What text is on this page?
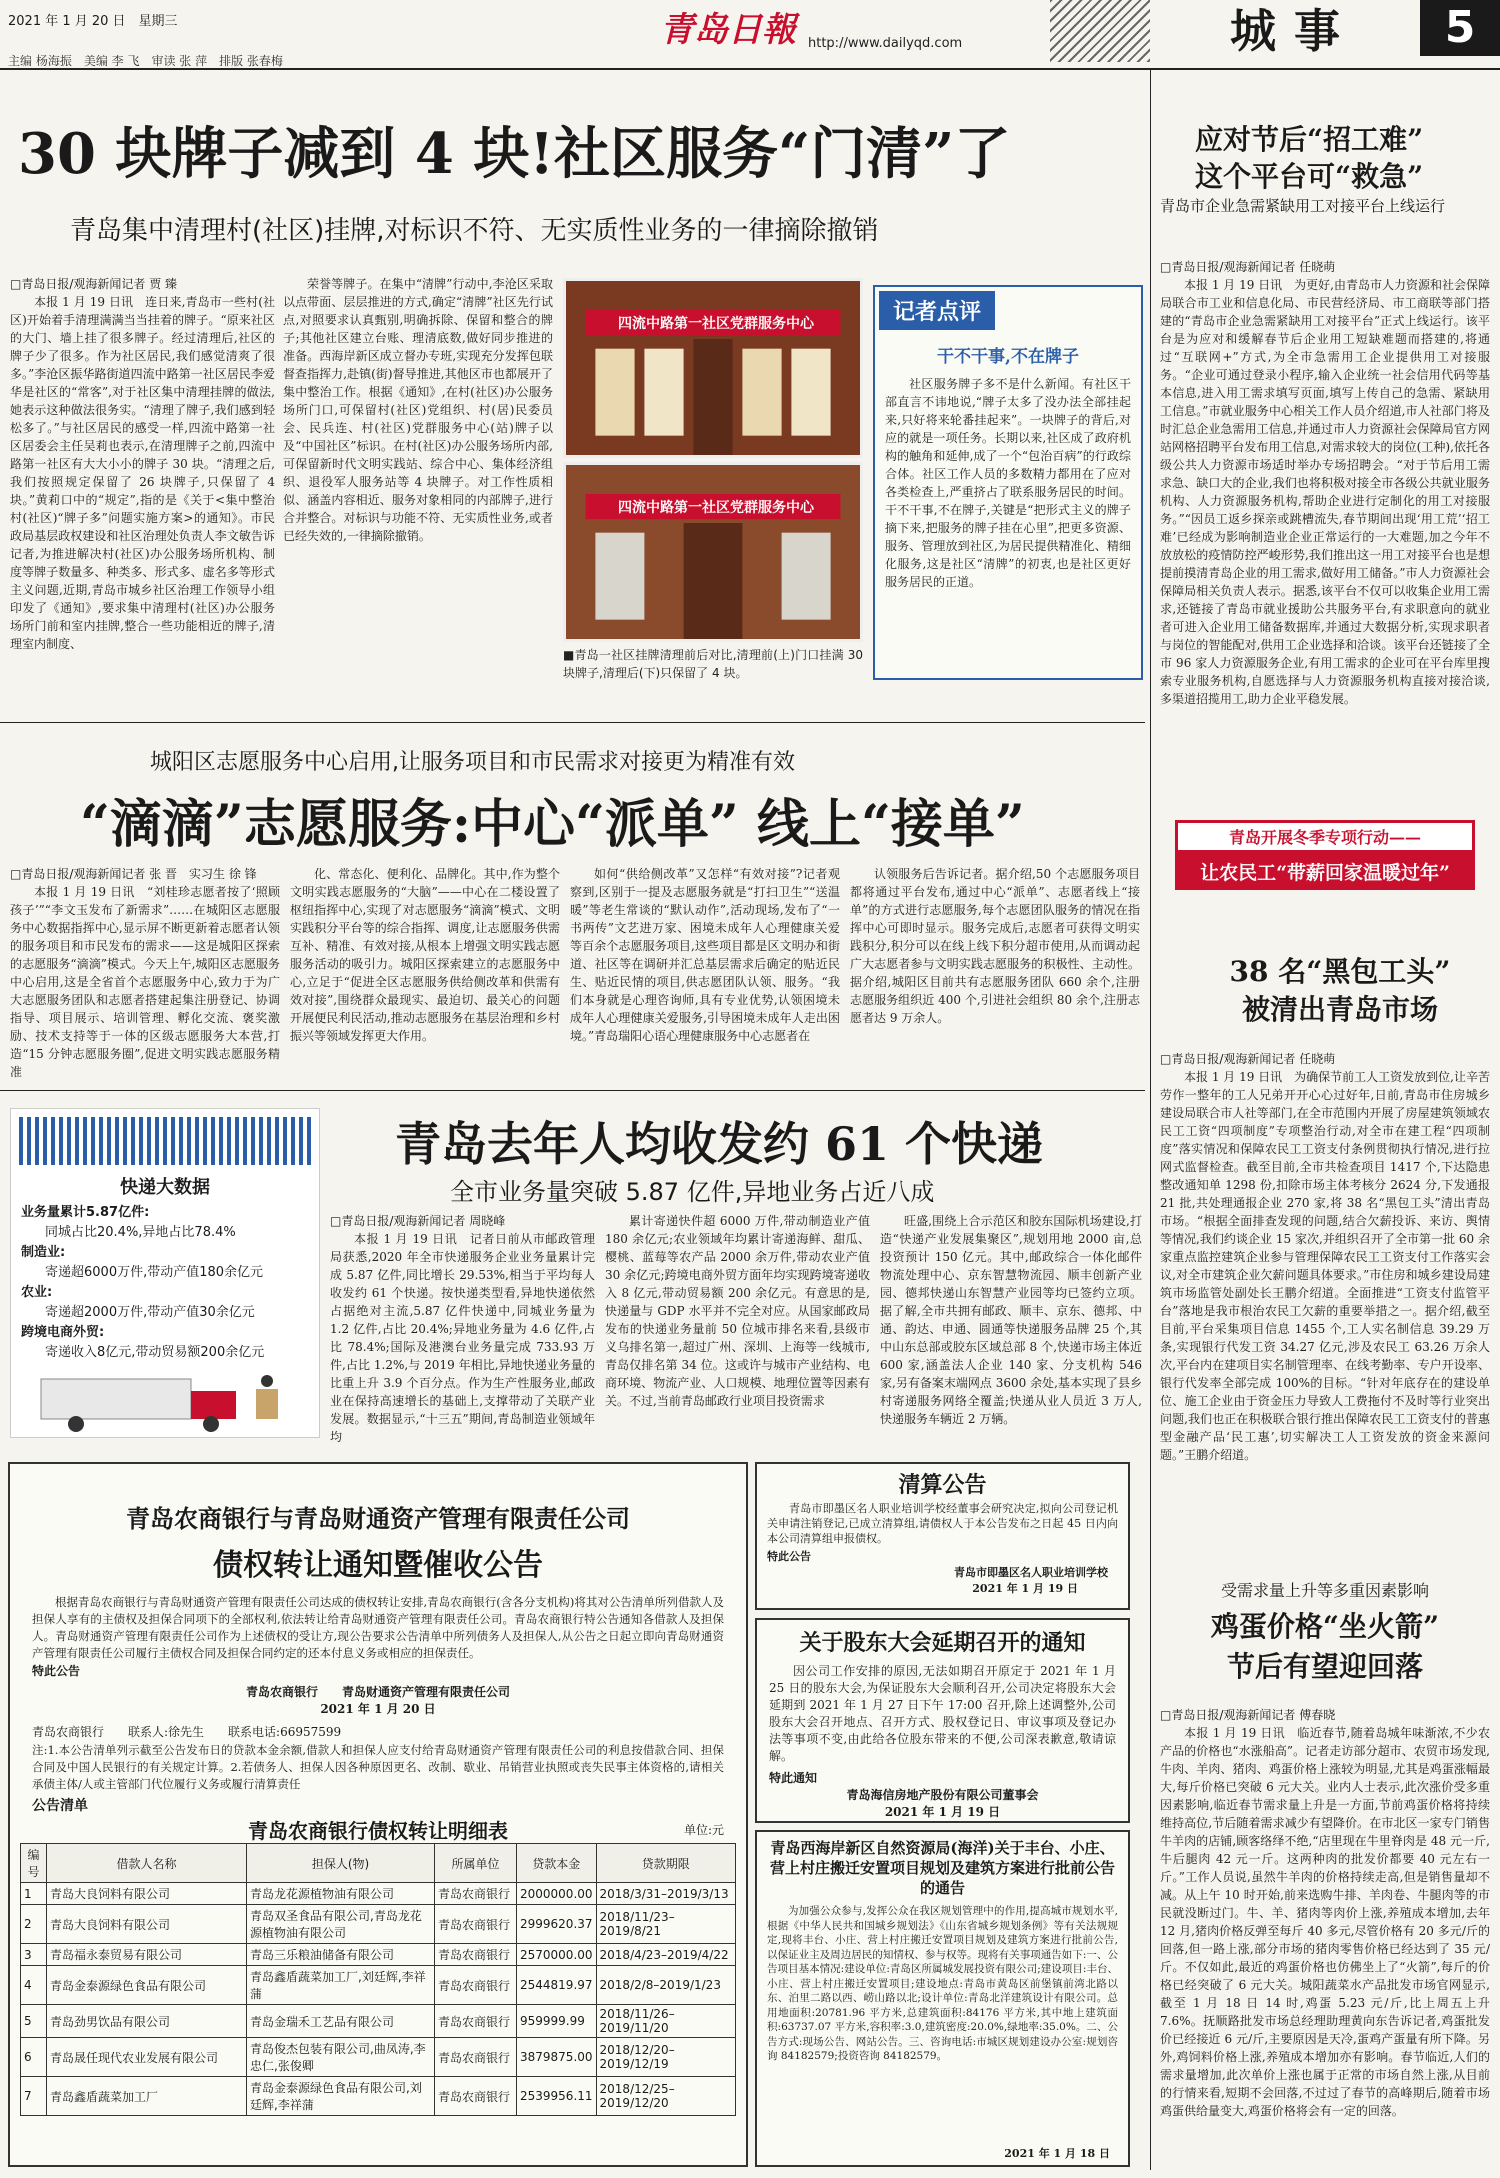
2021 年 1 月 20 日　星期三
主编 杨海振　美编 李 飞　审读 张 萍　排版 张春梅
青岛日報 http://www.dailyqd.com	城事	5
30 块牌子减到 4 块!社区服务“门清”了
青岛集中清理村(社区)挂牌,对标识不符、无实质性业务的一律摘除撤销
□青岛日报/观海新闻记者 贾 臻

本报 1 月 19 日讯　连日来,青岛市一些村(社区)开始着手清理满满当当挂着的牌子。“原来社区的大门、墙上挂了很多牌子。经过清理后,社区的牌子少了很多。作为社区居民,我们感觉清爽了很多。”李沧区振华路街道四流中路第一社区居民李爱华是社区的“常客”,对于社区集中清理挂牌的做法,她表示这种做法很务实。“清理了牌子,我们感到轻松多了。”与社区居民的感受一样,四流中路第一社区居委会主任吴莉也表示,在清理牌子之前,四流中路第一社区有大大小小的牌子 30 块。“清理之后,我们按照规定保留了 26 块牌子,只保留了 4 块。”黄莉口中的“规定”,指的是《关于<集中整治村(社区)“牌子多”问题实施方案>的通知》。市民政局基层政权建设和社区治理处负责人李文敏告诉记者,为推进解决村(社区)办公服务场所机构、制度等牌子数量多、种类多、形式多、虚名多等形式主义问题,近期,青岛市城乡社区治理工作领导小组印发了《通知》,要求集中清理村(社区)办公服务场所门前和室内挂牌,整合一些功能相近的牌子,清理室内制度、

荣誉等牌子。在集中“清牌”行动中,李沧区采取以点带面、层层推进的方式,确定“清牌”社区先行试点,对照要求认真甄别,明确拆除、保留和整合的牌子;其他社区建立台账、理清底数,做好同步推进的准备。西海岸新区成立督办专班,实现充分发挥包联督查指挥力,赴镇(街)督导推进,其他区市也都展开了集中整治工作。根据《通知》,在村(社区)办公服务场所门口,可保留村(社区)党组织、村(居)民委员会、民兵连、村(社区)党群服务中心(站)牌子以及“中国社区”标识。在村(社区)办公服务场所内部,可保留新时代文明实践站、综合中心、集体经济组织、退役军人服务站等 4 块牌子。对工作性质相似、涵盖内容相近、服务对象相同的内部牌子,进行合并整合。对标识与功能不符、无实质性业务,或者已经失效的,一律摘除撤销。

四流中路第一社区党群服务中心
四流中路第一社区党群服务中心
■青岛一社区挂牌清理前后对比,清理前(上)门口挂满 30 块牌子,清理后(下)只保留了 4 块。
记者点评
干不干事,不在牌子

社区服务牌子多不是什么新闻。有社区干部直言不讳地说,“牌子太多了没办法全部挂起来,只好将来轮番挂起来”。一块牌子的背后,对应的就是一项任务。长期以来,社区成了政府机构的触角和延伸,成了一个“包治百病”的行政综合体。社区工作人员的多数精力都用在了应对各类检查上,严重挤占了联系服务居民的时间。干不干事,不在牌子,关键是“把形式主义的牌子摘下来,把服务的牌子挂在心里”,把更多资源、服务、管理放到社区,为居民提供精准化、精细化服务,这是社区“清牌”的初衷,也是社区更好服务居民的正道。

应对节后“招工难”
这个平台可“救急”
青岛市企业急需紧缺用工对接平台上线运行
□青岛日报/观海新闻记者 任晓萌

本报 1 月 19 日讯　为更好,由青岛市人力资源和社会保障局联合市工业和信息化局、市民营经济局、市工商联等部门搭建的“青岛市企业急需紧缺用工对接平台”正式上线运行。该平台是为应对和缓解春节后企业用工短缺难题而搭建的,将通过“互联网+”方式,为全市急需用工企业提供用工对接服务。“企业可通过登录小程序,输入企业统一社会信用代码等基本信息,进入用工需求填写页面,填写上传自己的急需、紧缺用工信息。”市就业服务中心相关工作人员介绍道,市人社部门将及时汇总企业急需用工信息,并通过市人力资源社会保障局官方网站网格招聘平台发布用工信息,对需求较大的岗位(工种),依托各级公共人力资源市场适时举办专场招聘会。“对于节后用工需求急、缺口大的企业,我们也将积极对接全市各级公共就业服务机构、人力资源服务机构,帮助企业进行定制化的用工对接服务。”“因员工返乡探亲或跳槽流失,春节期间出现‘用工荒’‘招工难’已经成为影响制造业企业正常运行的一大难题,加之今年不放放松的疫情防控严峻形势,我们推出这一用工对接平台也是想提前摸清青岛企业的用工需求,做好用工储备。”市人力资源社会保障局相关负责人表示。据悉,该平台不仅可以收集企业用工需求,还链接了青岛市就业援助公共服务平台,有求职意向的就业者可进入企业用工储备数据库,并通过大数据分析,实现求职者与岗位的智能配对,供用工企业选择和洽谈。该平台还链接了全市 96 家人力资源服务企业,有用工需求的企业可在平台库里搜索专业服务机构,自愿选择与人力资源服务机构直接对接洽谈,多渠道招揽用工,助力企业平稳发展。

青岛开展冬季专项行动——
让农民工“带薪回家温暖过年”
38 名“黑包工头”
被清出青岛市场
□青岛日报/观海新闻记者 任晓萌

本报 1 月 19 日讯　为确保节前工人工资发放到位,让辛苦劳作一整年的工人兄弟开开心心过好年,日前,青岛市住房城乡建设局联合市人社等部门,在全市范围内开展了房屋建筑领域农民工工资“四项制度”专项整治行动,对全市在建工程“四项制度”落实情况和保障农民工工资支付条例贯彻执行情况,进行拉网式监督检查。截至目前,全市共检查项目 1417 个,下达隐患整改通知单 1298 份,扣除市场主体考核分 2624 分,下发通报 21 批,共处理通报企业 270 家,将 38 名“黑包工头”清出青岛市场。“根据全面排查发现的问题,结合欠薪投诉、来访、舆情等情况,我们约谈企业 15 家次,并组织召开了全市第一批 60 余家重点监控建筑企业参与管理保障农民工工资支付工作落实会议,对全市建筑企业欠薪问题具体要求。”市住房和城乡建设局建筑市场监管处副处长王鹏介绍道。全面推进“工资支付监管平台”落地是我市根治农民工欠薪的重要举措之一。据介绍,截至目前,平台采集项目信息 1455 个,工人实名制信息 39.29 万条,实现银行代发工资 34.27 亿元,涉及农民工 63.26 万余人次,平台内在建项目实名制管理率、在线考勤率、专户开设率、银行代发率全部完成 100%的目标。“针对年底存在的建设单位、施工企业由于资金压力导致人工费拖付不及时等行业突出问题,我们也正在积极联合银行推出保障农民工工资支付的普惠型金融产品‘民工惠’,切实解决工人工资发放的资金来源问题。”王鹏介绍道。

受需求量上升等多重因素影响
鸡蛋价格“坐火箭”
节后有望迎回落
□青岛日报/观海新闻记者 傅春晓

本报 1 月 19 日讯　临近春节,随着岛城年味渐浓,不少农产品的价格也“水涨船高”。记者走访部分超市、农贸市场发现,牛肉、羊肉、猪肉、鸡蛋价格上涨较为明显,尤其是鸡蛋涨幅最大,每斤价格已突破 6 元大关。业内人士表示,此次涨价受多重因素影响,临近春节需求量上升是一方面,节前鸡蛋价格将持续维持高位,节后随着需求减少有望降价。在市北区一家专门销售牛羊肉的店铺,顾客络绎不绝,“店里现在牛里脊肉是 48 元一斤,牛后腿肉 42 元一斤。这两种肉的批发价都要 40 元左右一斤。”工作人员说,虽然牛羊肉的价格持续走高,但是销售量却不减。从上午 10 时开始,前来选购牛排、羊肉卷、牛腿肉等的市民就没断过门。牛、羊、猪肉等肉价上涨,养殖成本增加,去年 12 月,猪肉价格反弹至每斤 40 多元,尽管价格有 20 多元/斤的回落,但一路上涨,部分市场的猪肉零售价格已经达到了 35 元/斤。不仅如此,最近的鸡蛋价格也仿佛坐上了“火箭”,每斤的价格已经突破了 6 元大关。城阳蔬菜水产品批发市场官网显示,截至 1 月 18 日 14 时,鸡蛋 5.23 元/斤,比上周五上升 7.6%。抚顺路批发市场总经理助理黄向东告诉记者,鸡蛋批发价已经接近 6 元/斤,主要原因是天冷,蛋鸡产蛋量有所下降。另外,鸡饲料价格上涨,养殖成本增加亦有影响。春节临近,人们的需求量增加,此次单价上涨也属于正常的市场自然上涨,从目前的行情来看,短期不会回落,不过过了春节的高峰期后,随着市场鸡蛋供给量变大,鸡蛋价格将会有一定的回落。

城阳区志愿服务中心启用,让服务项目和市民需求对接更为精准有效
“滴滴”志愿服务:中心“派单” 线上“接单”
□青岛日报/观海新闻记者 张 晋　实习生 徐 锋

本报 1 月 19 日讯　“刘桂珍志愿者按了‘照顾孩子’”“李文玉发布了新需求”……在城阳区志愿服务中心数据指挥中心,显示屏不断更新着志愿者认领的服务项目和市民发布的需求——这是城阳区探索的志愿服务“滴滴”模式。今天上午,城阳区志愿服务中心启用,这是全省首个志愿服务中心,致力于为广大志愿服务团队和志愿者搭建起集注册登记、协调指导、项目展示、培训管理、孵化交流、褒奖激励、技术支持等于一体的区级志愿服务大本营,打造“15 分钟志愿服务圈”,促进文明实践志愿服务精准

化、常态化、便利化、品牌化。其中,作为整个文明实践志愿服务的“大脑”——中心在二楼设置了枢纽指挥中心,实现了对志愿服务“滴滴”模式、文明实践积分平台等的综合指挥、调度,让志愿服务供需互补、精准、有效对接,从根本上增强文明实践志愿服务活动的吸引力。城阳区探索建立的志愿服务中心,立足于“促进全区志愿服务供给侧改革和供需有效对接”,围绕群众最现实、最迫切、最关心的问题开展便民利民活动,推动志愿服务在基层治理和乡村振兴等领域发挥更大作用。

如何“供给侧改革”又怎样“有效对接”?记者观察到,区别于一提及志愿服务就是“打扫卫生”“送温暖”等老生常谈的“默认动作”,活动现场,发布了“一书两传”文艺进万家、困境未成年人心理健康关爱等百余个志愿服务项目,这些项目都是区文明办和街道、社区等在调研并汇总基层需求后确定的贴近民生、贴近民情的项目,供志愿团队认领、服务。“我们本身就是心理咨询师,具有专业优势,认领困境未成年人心理健康关爱服务,引导困境未成年人走出困境。”青岛瑞阳心语心理健康服务中心志愿者在

认领服务后告诉记者。据介绍,50 个志愿服务项目都将通过平台发布,通过中心“派单”、志愿者线上“接单”的方式进行志愿服务,每个志愿团队服务的情况在指挥中心可即时显示。服务完成后,志愿者可获得文明实践积分,积分可以在线上线下积分超市使用,从而调动起广大志愿者参与文明实践志愿服务的积极性、主动性。据介绍,城阳区目前共有志愿服务团队 660 余个,注册志愿服务组织近 400 个,引进社会组织 80 余个,注册志愿者达 9 万余人。

快递大数据
业务量累计5.87亿件:
同城占比20.4%,异地占比78.4%
制造业:
寄递超6000万件,带动产值180余亿元
农业:
寄递超2000万件,带动产值30余亿元
跨境电商外贸:
寄递收入8亿元,带动贸易额200余亿元
青岛去年人均收发约 61 个快递
全市业务量突破 5.87 亿件,异地业务占近八成
□青岛日报/观海新闻记者 周晓峰

本报 1 月 19 日讯　记者日前从市邮政管理局获悉,2020 年全市快递服务企业业务量累计完成 5.87 亿件,同比增长 29.53%,相当于平均每人收发约 61 个快递。按快递类型看,异地快递依然占据绝对主流,5.87 亿件快递中,同城业务量为 1.2 亿件,占比 20.4%;异地业务量为 4.6 亿件,占比 78.4%;国际及港澳台业务量完成 733.93 万件,占比 1.2%,与 2019 年相比,异地快递业务量的比重上升 3.9 个百分点。作为生产性服务业,邮政业在保持高速增长的基础上,支撑带动了关联产业发展。数据显示,“十三五”期间,青岛制造业领域年均

累计寄递快件超 6000 万件,带动制造业产值 180 余亿元;农业领域年均累计寄递海鲜、甜瓜、樱桃、蓝莓等农产品 2000 余万件,带动农业产值 30 余亿元;跨境电商外贸方面年均实现跨境寄递收入 8 亿元,带动贸易额 200 余亿元。有意思的是,快递量与 GDP 水平并不完全对应。从国家邮政局发布的快递业务量前 50 位城市排名来看,县级市义乌排名第一,超过广州、深圳、上海等一线城市,青岛仅排名第 34 位。这或许与城市产业结构、电商环境、物流产业、人口规模、地理位置等因素有关。不过,当前青岛邮政行业项目投资需求

旺盛,围绕上合示范区和胶东国际机场建设,打造“快递产业发展集聚区”,规划用地 2000 亩,总投资预计 150 亿元。其中,邮政综合一体化邮件物流处理中心、京东智慧物流园、顺丰创新产业园、德邦快递山东智慧产业园等均已签约立项。据了解,全市共拥有邮政、顺丰、京东、德邦、中通、韵达、申通、圆通等快递服务品牌 25 个,其中山东总部或胶东区域总部 8 个,快递市场主体近 600 家,涵盖法人企业 140 家、分支机构 546 家,另有备案末端网点 3600 余处,基本实现了县乡村寄递服务网络全覆盖;快递从业人员近 3 万人,快递服务车辆近 2 万辆。

青岛农商银行与青岛财通资产管理有限责任公司
债权转让通知暨催收公告

根据青岛农商银行与青岛财通资产管理有限责任公司达成的债权转让安排,青岛农商银行(含各分支机构)将其对公告清单所列借款人及担保人享有的主债权及担保合同项下的全部权利,依法转让给青岛财通资产管理有限责任公司。青岛农商银行特公告通知各借款人及担保人。青岛财通资产管理有限责任公司作为上述债权的受让方,现公告要求公告清单中所列债务人及担保人,从公告之日起立即向青岛财通资产管理有限责任公司履行主债权合同及担保合同约定的还本付息义务或相应的担保责任。

特此公告
青岛农商银行　　青岛财通资产管理有限责任公司
2021 年 1 月 20 日
青岛农商银行　　联系人:徐先生　　联系电话:66957599
注:1.本公告清单列示截至公告发布日的贷款本金余额,借款人和担保人应支付给青岛财通资产管理有限责任公司的利息按借款合同、担保合同及中国人民银行的有关规定计算。2.若债务人、担保人因各种原因更名、改制、歇业、吊销营业执照或丧失民事主体资格的,请相关承债主体/人或主管部门代位履行义务或履行清算责任
公告清单
青岛农商银行债权转让明细表	单位:元
编号	借款人名称	担保人(物)	所属单位	贷款本金	贷款期限
1	青岛大良饲料有限公司	青岛龙花源植物油有限公司	青岛农商银行	2000000.00	2018/3/31–2019/3/13
2	青岛大良饲料有限公司	青岛双圣食品有限公司,青岛龙花源植物油有限公司	青岛农商银行	2999620.37	2018/11/23–2019/8/21
3	青岛福永泰贸易有限公司	青岛三乐粮油储备有限公司	青岛农商银行	2570000.00	2018/4/23–2019/4/22
4	青岛金泰源绿色食品有限公司	青岛鑫盾蔬菜加工厂,刘廷辉,李祥蒲	青岛农商银行	2544819.97	2018/2/8–2019/1/23
5	青岛劲男饮品有限公司	青岛金瑞禾工艺品有限公司	青岛农商银行	959999.99	2018/11/26–2019/11/20
6	青岛晟任现代农业发展有限公司	青岛俊杰包装有限公司,曲凤涛,李忠仁,张俊卿	青岛农商银行	3879875.00	2018/12/20–2019/12/19
7	青岛鑫盾蔬菜加工厂	青岛金泰源绿色食品有限公司,刘廷辉,李祥蒲	青岛农商银行	2539956.11	2018/12/25–2019/12/20
清算公告

青岛市即墨区名人职业培训学校经董事会研究决定,拟向公司登记机关申请注销登记,已成立清算组,请债权人于本公告发布之日起 45 日内向本公司清算组申报债权。

特此公告
青岛市即墨区名人职业培训学校
2021 年 1 月 19 日
关于股东大会延期召开的通知

因公司工作安排的原因,无法如期召开原定于 2021 年 1 月 25 日的股东大会,为保证股东大会顺利召开,公司决定将股东大会延期到 2021 年 1 月 27 日下午 17:00 召开,除上述调整外,公司股东大会召开地点、召开方式、股权登记日、审议事项及登记办法等事项不变,由此给各位股东带来的不便,公司深表歉意,敬请谅解。

特此通知
青岛海信房地产股份有限公司董事会
2021 年 1 月 19 日
青岛西海岸新区自然资源局(海洋)关于丰台、小庄、营上村庄搬迁安置项目规划及建筑方案进行批前公告的通告

为加强公众参与,发挥公众在我区规划管理中的作用,提高城市规划水平,根据《中华人民共和国城乡规划法》《山东省城乡规划条例》等有关法规规定,现将丰台、小庄、营上村庄搬迁安置项目规划及建筑方案进行批前公告,以保证业主及周边居民的知情权、参与权等。现将有关事项通告如下:一、公告项目基本情况:建设单位:青岛区所属城发展投资有限公司;建设项目:丰台、小庄、营上村庄搬迁安置项目;建设地点:青岛市黄岛区前堡镇前湾北路以东、泊里二路以西、崂山路以北;设计单位:青岛北洋建筑设计有限公司。总用地面积:20781.96 平方米,总建筑面积:84176 平方米,其中地上建筑面积:63737.07 平方米,容积率:3.0,建筑密度:20.0%,绿地率:35.0%。二、公告方式:现场公告、网站公告。三、咨询电话:市城区规划建设办公室:规划咨询 84182579;投资咨询 84182579。

2021 年 1 月 18 日
